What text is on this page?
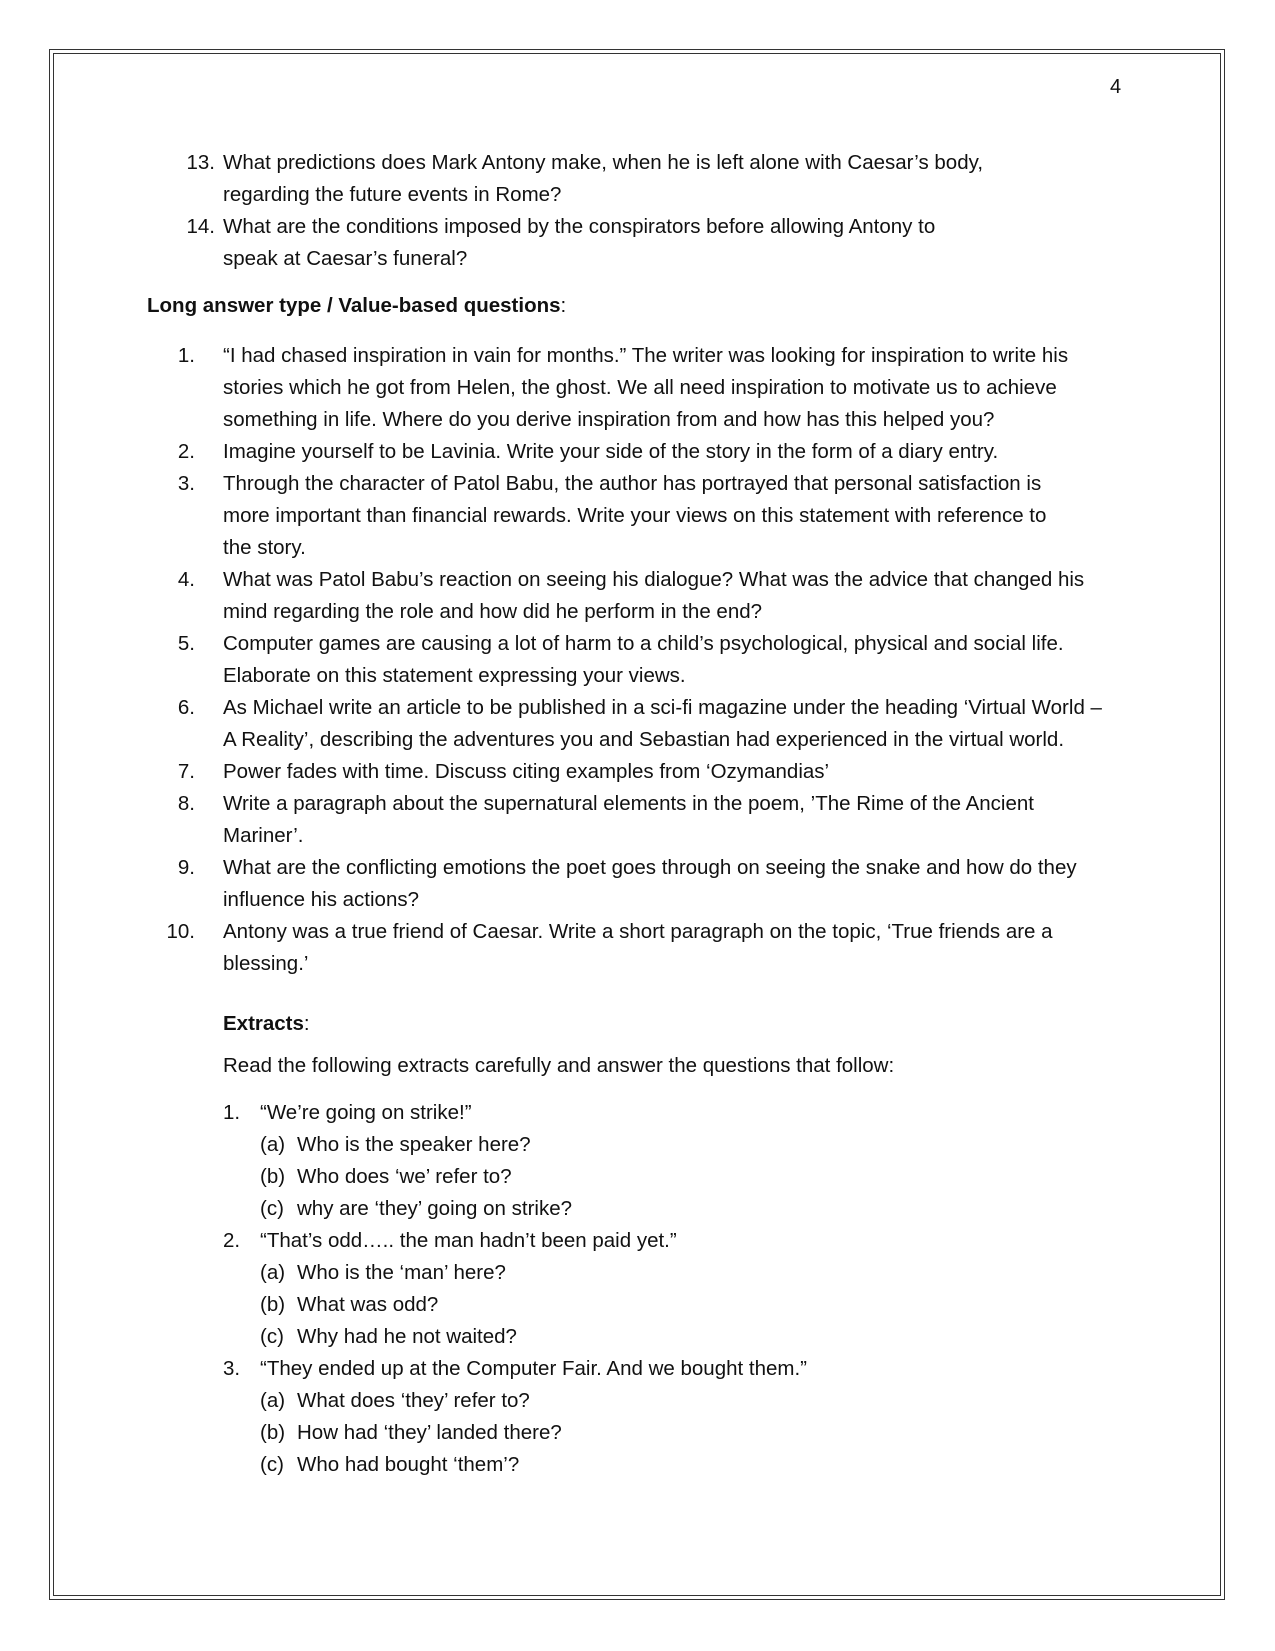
4
13. What predictions does Mark Antony make, when he is left alone with Caesar’s body, regarding the future events in Rome?
14. What are the conditions imposed by the conspirators before allowing Antony to speak at Caesar’s funeral?
Long answer type / Value-based questions:
1.	“I had chased inspiration in vain for months.” The writer was looking for inspiration to write his stories which he got from Helen, the ghost. We all need inspiration to motivate us to achieve something in life. Where do you derive inspiration from and how has this helped you?
2.	Imagine yourself to be Lavinia. Write your side of the story in the form of a diary entry.
3.	Through the character of Patol Babu, the author has portrayed that personal satisfaction is more important than financial rewards. Write your views on this statement with reference to the story.
4.	What was Patol Babu’s reaction on seeing his dialogue? What was the advice that changed his mind regarding the role and how did he perform in the end?
5.	Computer games are causing a lot of harm to a child’s psychological, physical and social life. Elaborate on this statement expressing your views.
6.	As Michael write an article to be published in a sci-fi magazine under the heading ‘Virtual World – A Reality’, describing the adventures you and Sebastian had experienced in the virtual world.
7.	Power fades with time. Discuss citing examples from ‘Ozymandias’
8.	Write a paragraph about the supernatural elements in the poem, ’The Rime of the Ancient Mariner’.
9.	What are the conflicting emotions the poet goes through on seeing the snake and how do they influence his actions?
10.	Antony was a true friend of Caesar. Write a short paragraph on the topic, ‘True friends are a blessing.’
Extracts:
Read the following extracts carefully and answer the questions that follow:
1. “We’re going on strike!”
(a) Who is the speaker here?
(b) Who does ‘we’ refer to?
(c) why are ‘they’ going on strike?
2. “That’s odd….. the man hadn’t been paid yet.”
(a) Who is the ‘man’ here?
(b) What was odd?
(c) Why had he not waited?
3. “They ended up at the Computer Fair. And we bought them.”
(a) What does ‘they’ refer to?
(b) How had ‘they’ landed there?
(c) Who had bought ‘them’?
